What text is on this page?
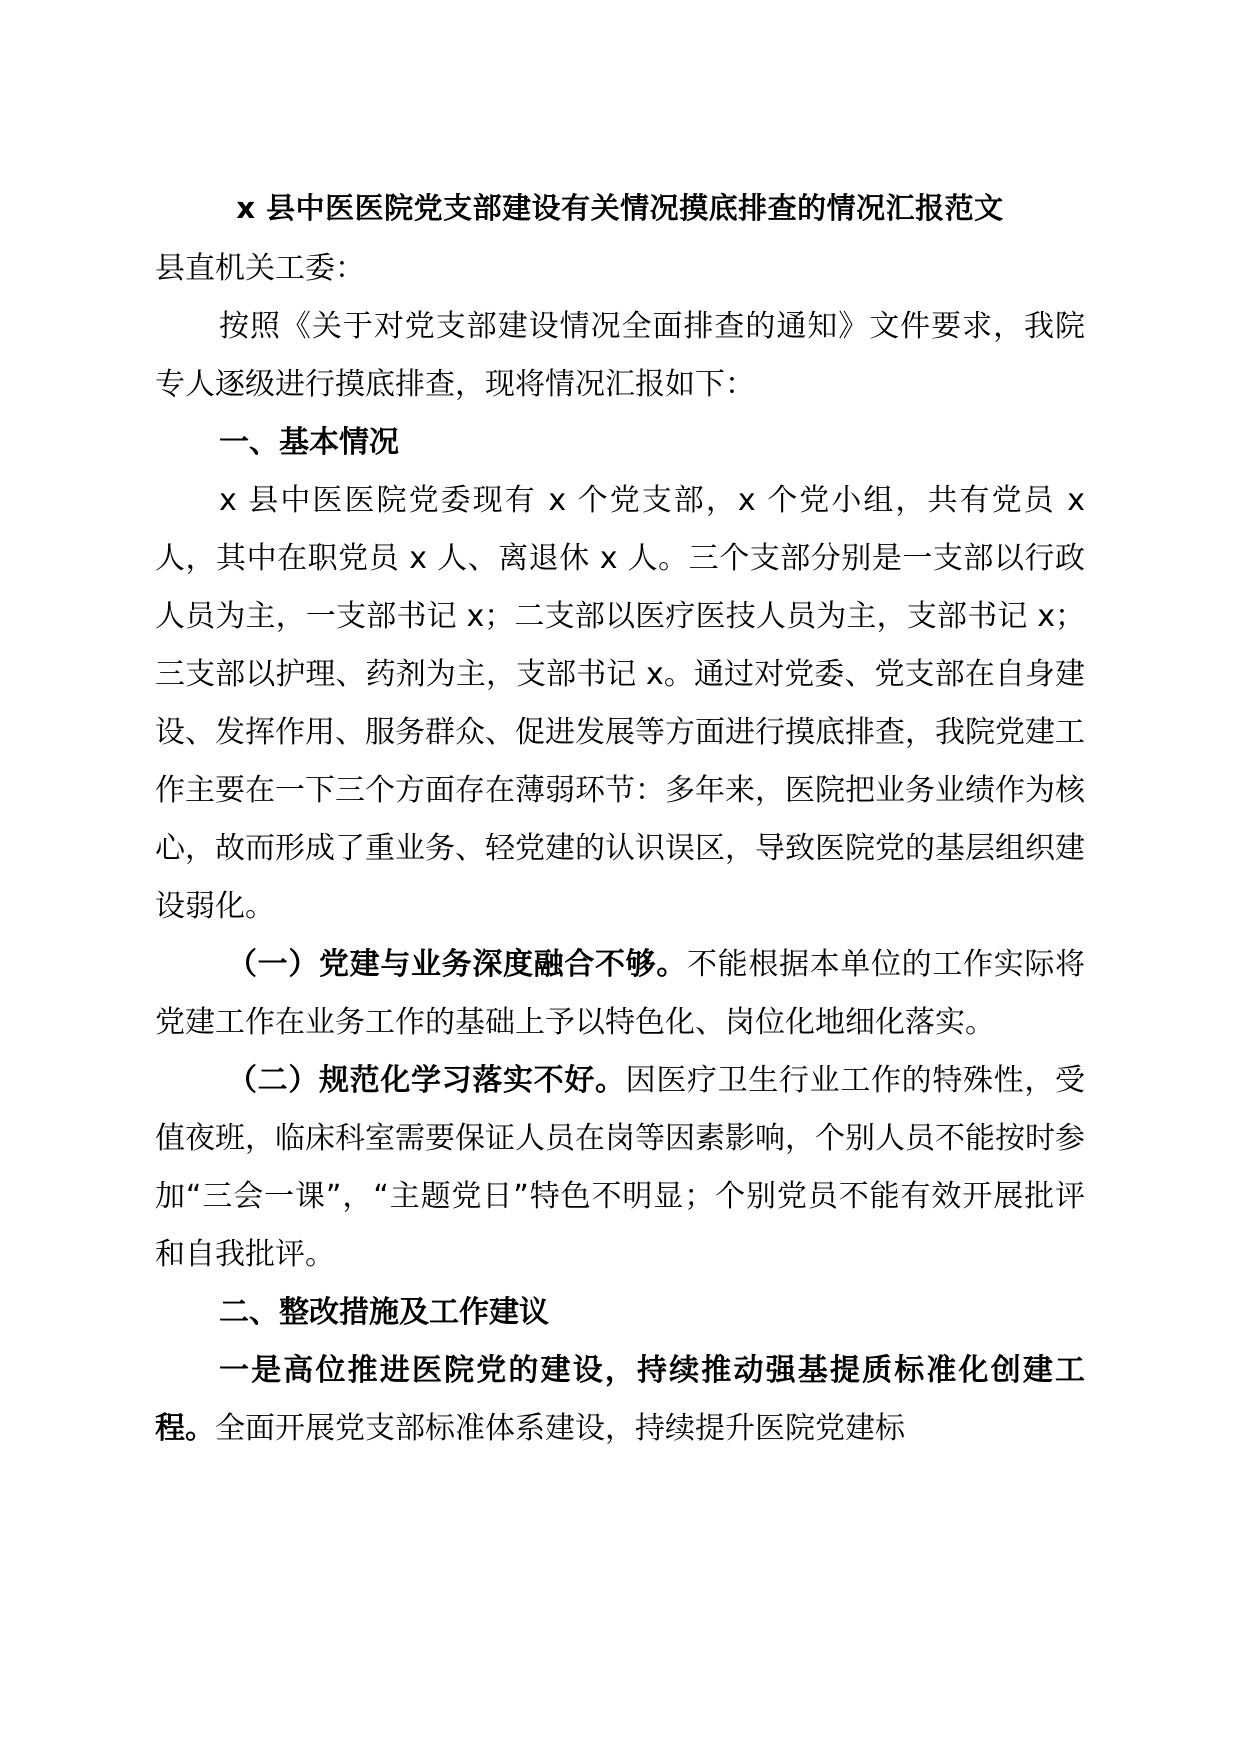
x 县中医医院党支部建设有关情况摸底排查的情况汇报范文

县直机关工委：

按照《关于对党支部建设情况全面排查的通知》文件要求，我院专人逐级进行摸底排查，现将情况汇报如下：

一、基本情况

x 县中医医院党委现有 x 个党支部，x 个党小组，共有党员 x 人，其中在职党员 x 人、离退休 x 人。三个支部分别是一支部以行政人员为主，一支部书记 x；二支部以医疗医技人员为主，支部书记 x；三支部以护理、药剂为主，支部书记 x。通过对党委、党支部在自身建设、发挥作用、服务群众、促进发展等方面进行摸底排查，我院党建工作主要在一下三个方面存在薄弱环节：多年来，医院把业务业绩作为核心，故而形成了重业务、轻党建的认识误区，导致医院党的基层组织建设弱化。

（一）党建与业务深度融合不够。不能根据本单位的工作实际将党建工作在业务工作的基础上予以特色化、岗位化地细化落实。

（二）规范化学习落实不好。因医疗卫生行业工作的特殊性，受值夜班，临床科室需要保证人员在岗等因素影响，个别人员不能按时参加“三会一课”，“主题党日”特色不明显；个别党员不能有效开展批评和自我批评。

二、整改措施及工作建议

一是高位推进医院党的建设，持续推动强基提质标准化创建工程。全面开展党支部标准体系建设，持续提升医院党建标
